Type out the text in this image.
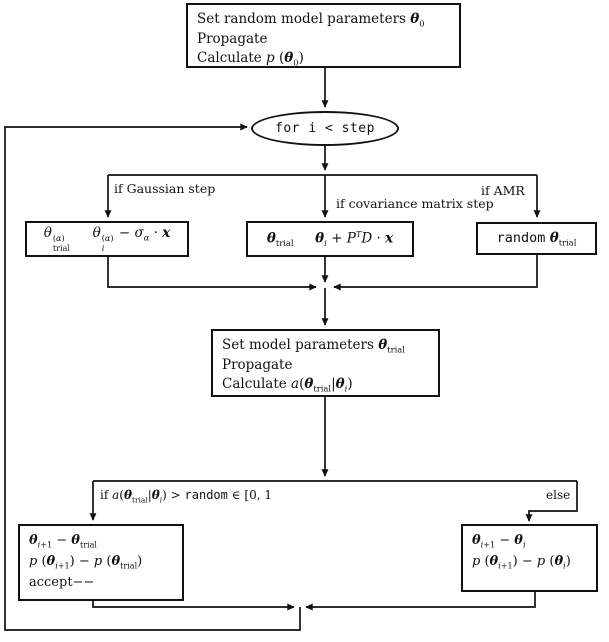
Set random model parameters $\theta_0$
Propagate
Calculate p $(\theta_0)$
for i < step
if Gaussian step
if covariance matrix step
if AMR
θ (α)
trial
θ (α)
i
− $\sigma_\alpha \cdot x$	$\theta_{trial}$ $\theta_i + P^TD \cdot x$	random $\theta_{trial}$
Set model parameters $\theta_{trial}$
Propagate
Calculate $a(\theta_{trial}|\theta_i)$
if $a(\theta_{trial}|\theta_i)$ > random ∈ [0, 1	else
$\theta_{i+1} - \theta_{trial}$
p $(\theta_{i+1}) - p$ $(\theta_{trial})$
accept−−
$\theta_{i+1} - \theta_i$
p $(\theta_{i+1}) - p$ $(\theta_i)$
